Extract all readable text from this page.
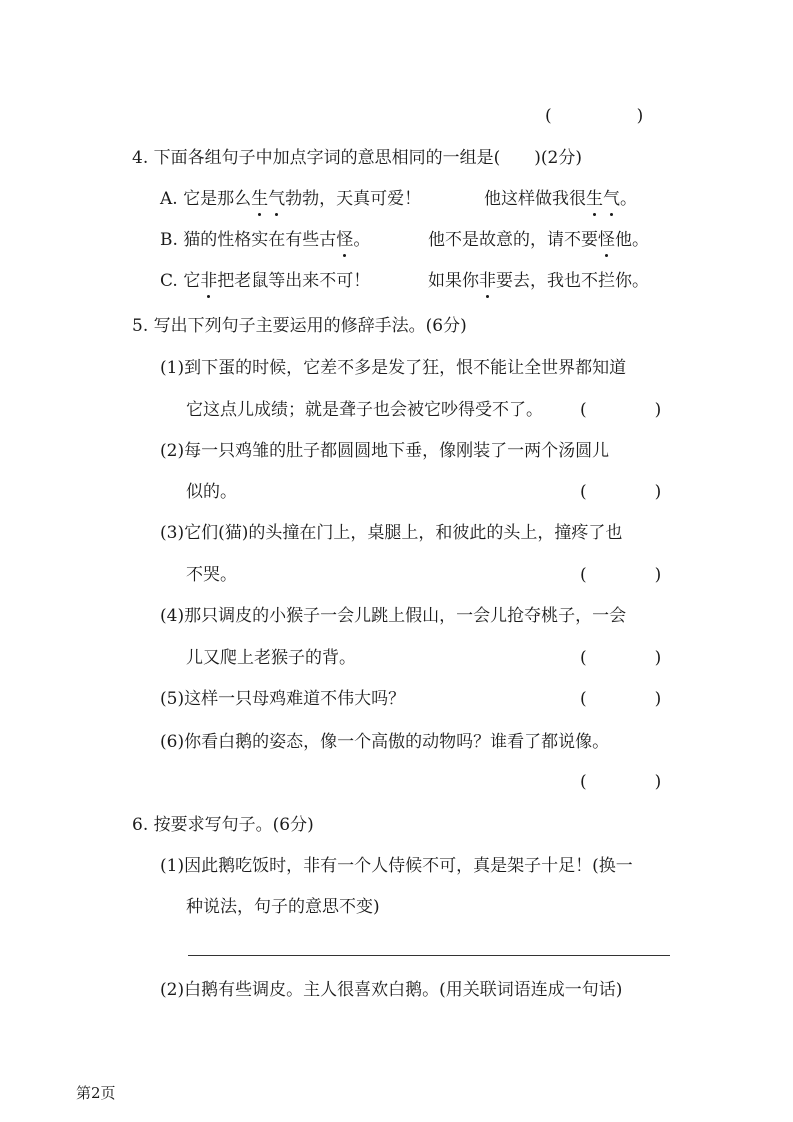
(　　　　　)
4. 下面各组句子中加点字词的意思相同的一组是(　　)(2分)
A. 它是那么生气勃勃，天真可爱！	他这样做我很生气。
B. 猫的性格实在有些古怪。	他不是故意的，请不要怪他。
C. 它非把老鼠等出来不可！	如果你非要去，我也不拦你。
5. 写出下列句子主要运用的修辞手法。(6分)
(1)到下蛋的时候，它差不多是发了狂，恨不能让全世界都知道
它这点儿成绩；就是聋子也会被它吵得受不了。 (　　　　)
(2)每一只鸡雏的肚子都圆圆地下垂，像刚装了一两个汤圆儿
似的。	(　　　　)
(3)它们(猫)的头撞在门上，桌腿上，和彼此的头上，撞疼了也
不哭。	(　　　　)
(4)那只调皮的小猴子一会儿跳上假山，一会儿抢夺桃子，一会
儿又爬上老猴子的背。	(　　　　)
(5)这样一只母鸡难道不伟大吗？	(　　　　)
(6)你看白鹅的姿态，像一个高傲的动物吗？谁看了都说像。
(　　　　)
6. 按要求写句子。(6分)
(1)因此鹅吃饭时，非有一个人侍候不可，真是架子十足！(换一
种说法，句子的意思不变)
(2)白鹅有些调皮。主人很喜欢白鹅。(用关联词语连成一句话)
第2页
